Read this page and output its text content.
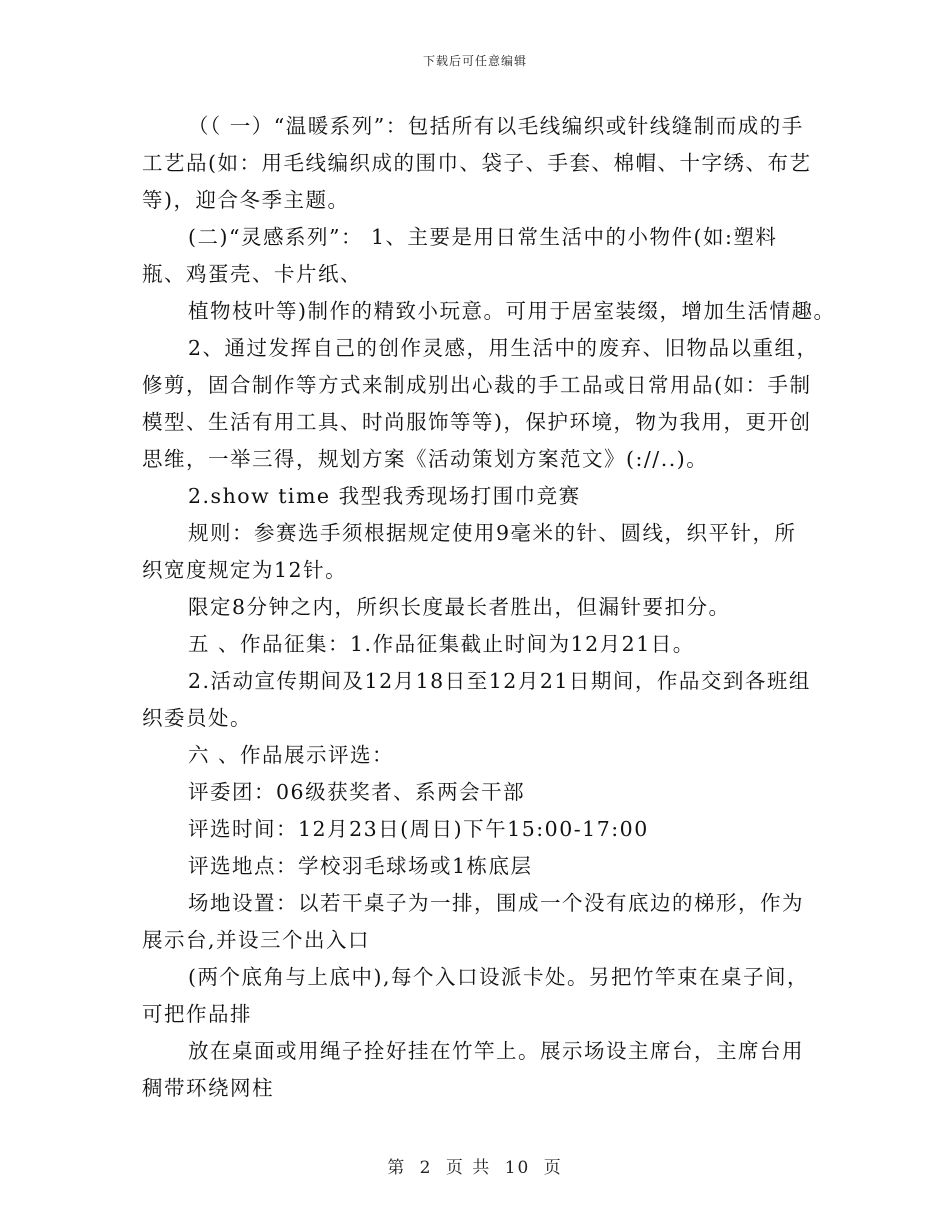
下载后可任意编辑
（（ 一）“温暖系列”：包括所有以毛线编织或针线缝制而成的手
工艺品(如：用毛线编织成的围巾、袋子、手套、棉帽、十字绣、布艺
等)，迎合冬季主题。
(二)“灵感系列”： 1、主要是用日常生活中的小物件(如:塑料
瓶、鸡蛋壳、卡片纸、
植物枝叶等)制作的精致小玩意。可用于居室装缀，增加生活情趣。
2、通过发挥自己的创作灵感，用生活中的废弃、旧物品以重组，
修剪，固合制作等方式来制成别出心裁的手工品或日常用品(如：手制
模型、生活有用工具、时尚服饰等等)，保护环境，物为我用，更开创
思维，一举三得，规划方案《活动策划方案范文》(://..)。
2.show time 我型我秀现场打围巾竞赛
规则：参赛选手须根据规定使用9毫米的针、圆线，织平针，所
织宽度规定为12针。
限定8分钟之内，所织长度最长者胜出，但漏针要扣分。
五 、作品征集：1.作品征集截止时间为12月21日。
2.活动宣传期间及12月18日至12月21日期间，作品交到各班组
织委员处。
六 、作品展示评选：
评委团：06级获奖者、系两会干部
评选时间：12月23日(周日)下午15:00-17:00
评选地点：学校羽毛球场或1栋底层
场地设置：以若干桌子为一排，围成一个没有底边的梯形，作为
展示台,并设三个出入口
(两个底角与上底中),每个入口设派卡处。另把竹竿束在桌子间，
可把作品排
放在桌面或用绳子拴好挂在竹竿上。展示场设主席台，主席台用
稠带环绕网柱
第 2 页 共 10 页
